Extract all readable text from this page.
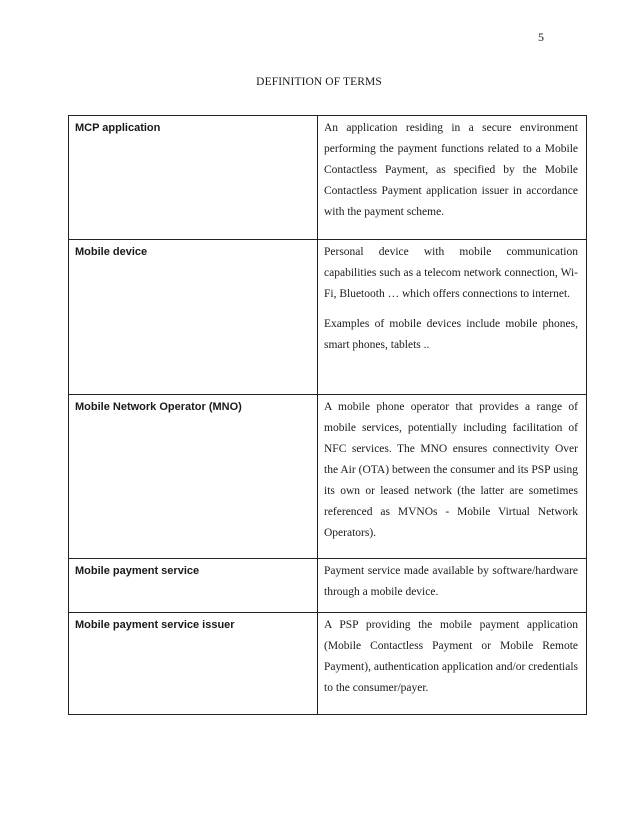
5
DEFINITION OF TERMS
MCP application	An application residing in a secure environment performing the payment functions related to a Mobile Contactless Payment, as specified by the Mobile Contactless Payment application issuer in accordance with the payment scheme.

Mobile device	Personal device with mobile communication capabilities such as a telecom network connection, Wi-Fi, Bluetooth … which offers connections to internet.

Examples of mobile devices include mobile phones, smart phones, tablets ..

Mobile Network Operator (MNO)	A mobile phone operator that provides a range of mobile services, potentially including facilitation of NFC services. The MNO ensures connectivity Over the Air (OTA) between the consumer and its PSP using its own or leased network (the latter are sometimes referenced as MVNOs - Mobile Virtual Network Operators).

Mobile payment service	Payment service made available by software/hardware through a mobile device.

Mobile payment service issuer	A PSP providing the mobile payment application (Mobile Contactless Payment or Mobile Remote Payment), authentication application and/or credentials to the consumer/payer.
